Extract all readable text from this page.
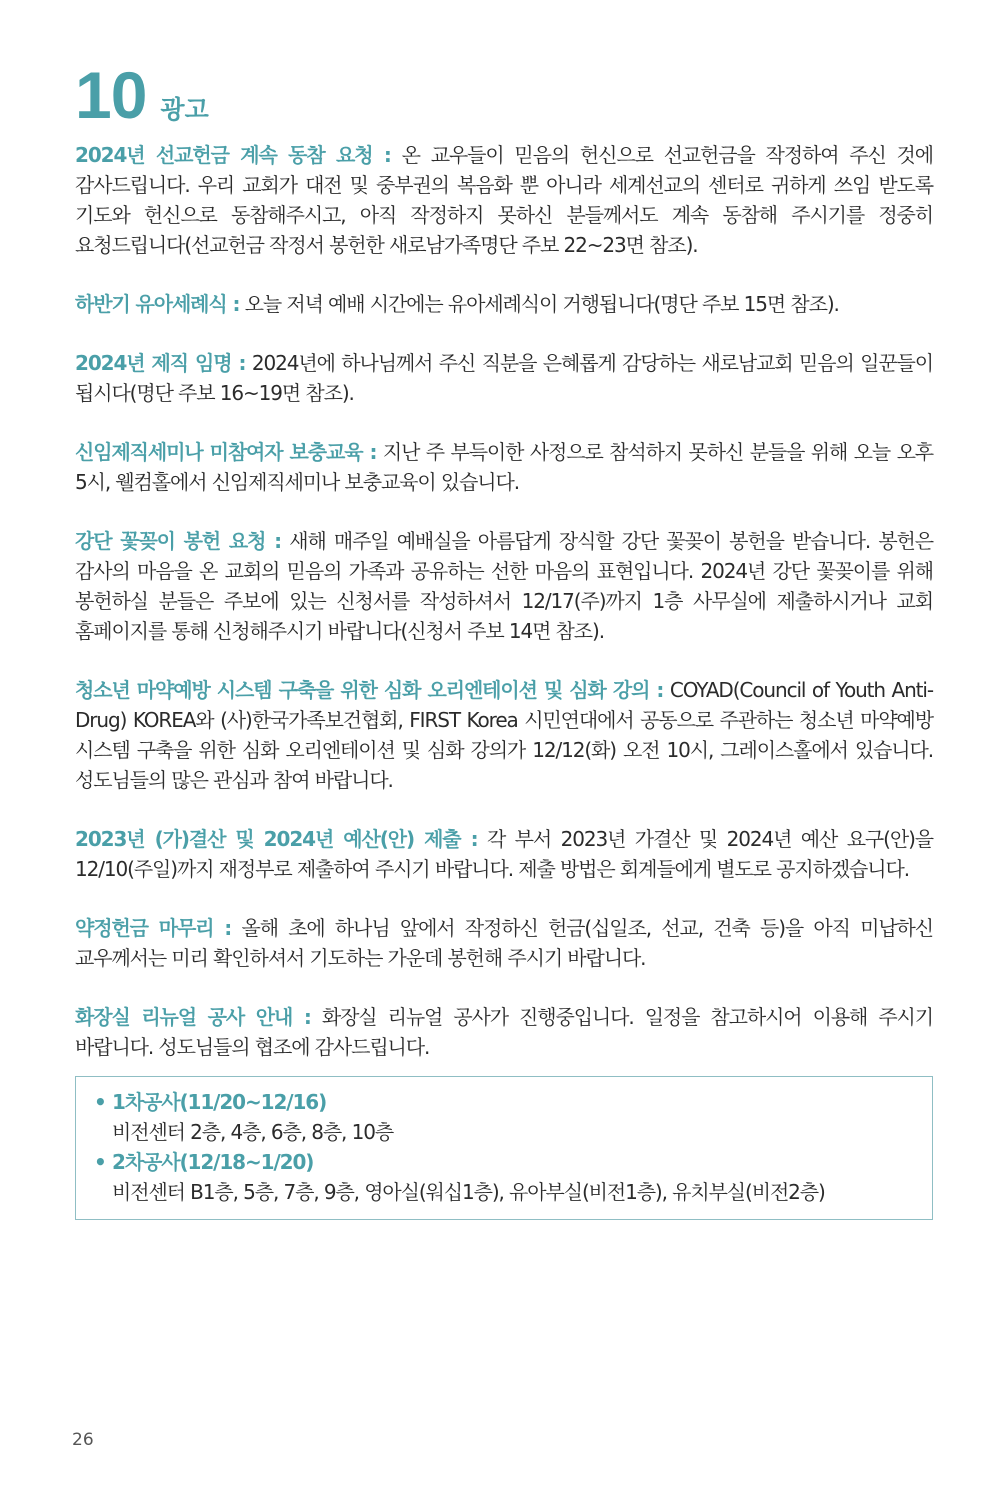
10 광고

2024년 선교헌금 계속 동참 요청 : 온 교우들이 믿음의 헌신으로 선교헌금을 작정하여 주신 것에 감사드립니다. 우리 교회가 대전 및 중부권의 복음화 뿐 아니라 세계선교의 센터로 귀하게 쓰임 받도록 기도와 헌신으로 동참해주시고, 아직 작정하지 못하신 분들께서도 계속 동참해 주시기를 정중히 요청드립니다(선교헌금 작정서 봉헌한 새로남가족명단 주보 22~23면 참조).

하반기 유아세례식 : 오늘 저녁 예배 시간에는 유아세례식이 거행됩니다(명단 주보 15면 참조).

2024년 제직 임명 : 2024년에 하나님께서 주신 직분을 은혜롭게 감당하는 새로남교회 믿음의 일꾼들이 됩시다(명단 주보 16~19면 참조).

신임제직세미나 미참여자 보충교육 : 지난 주 부득이한 사정으로 참석하지 못하신 분들을 위해 오늘 오후 5시, 웰컴홀에서 신임제직세미나 보충교육이 있습니다.

강단 꽃꽂이 봉헌 요청 : 새해 매주일 예배실을 아름답게 장식할 강단 꽃꽂이 봉헌을 받습니다. 봉헌은 감사의 마음을 온 교회의 믿음의 가족과 공유하는 선한 마음의 표현입니다. 2024년 강단 꽃꽂이를 위해 봉헌하실 분들은 주보에 있는 신청서를 작성하셔서 12/17(주)까지 1층 사무실에 제출하시거나 교회 홈페이지를 통해 신청해주시기 바랍니다(신청서 주보 14면 참조).

청소년 마약예방 시스템 구축을 위한 심화 오리엔테이션 및 심화 강의 : COYAD(Council of Youth Anti-Drug) KOREA와 (사)한국가족보건협회, FIRST Korea 시민연대에서 공동으로 주관하는 청소년 마약예방 시스템 구축을 위한 심화 오리엔테이션 및 심화 강의가 12/12(화) 오전 10시, 그레이스홀에서 있습니다. 성도님들의 많은 관심과 참여 바랍니다.

2023년 (가)결산 및 2024년 예산(안) 제출 : 각 부서 2023년 가결산 및 2024년 예산 요구(안)을 12/10(주일)까지 재정부로 제출하여 주시기 바랍니다. 제출 방법은 회계들에게 별도로 공지하겠습니다.

약정헌금 마무리 : 올해 초에 하나님 앞에서 작정하신 헌금(십일조, 선교, 건축 등)을 아직 미납하신 교우께서는 미리 확인하셔서 기도하는 가운데 봉헌해 주시기 바랍니다.

화장실 리뉴얼 공사 안내 : 화장실 리뉴얼 공사가 진행중입니다. 일정을 참고하시어 이용해 주시기 바랍니다. 성도님들의 협조에 감사드립니다.

• 1차공사(11/20~12/16)
비전센터 2층, 4층, 6층, 8층, 10층
• 2차공사(12/18~1/20)
비전센터 B1층, 5층, 7층, 9층, 영아실(워십1층), 유아부실(비전1층), 유치부실(비전2층)
26
